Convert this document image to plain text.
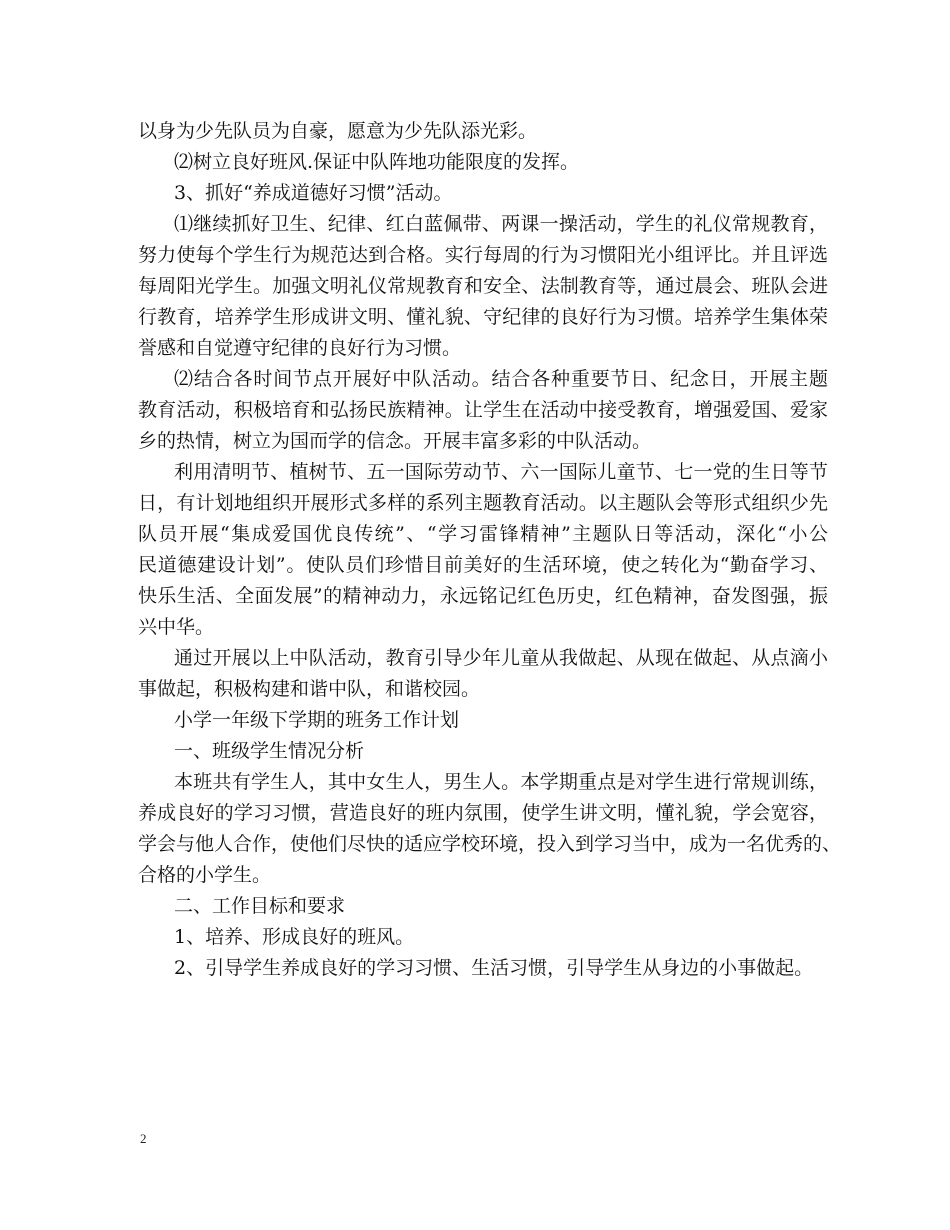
以身为少先队员为自豪，愿意为少先队添光彩。
⑵树立良好班风.保证中队阵地功能限度的发挥。
3、抓好“养成道德好习惯”活动。
⑴继续抓好卫生、纪律、红白蓝佩带、两课一操活动，学生的礼仪常规教育，
努力使每个学生行为规范达到合格。实行每周的行为习惯阳光小组评比。并且评选
每周阳光学生。加强文明礼仪常规教育和安全、法制教育等，通过晨会、班队会进
行教育，培养学生形成讲文明、懂礼貌、守纪律的良好行为习惯。培养学生集体荣
誉感和自觉遵守纪律的良好行为习惯。
⑵结合各时间节点开展好中队活动。结合各种重要节日、纪念日，开展主题
教育活动，积极培育和弘扬民族精神。让学生在活动中接受教育，增强爱国、爱家
乡的热情，树立为国而学的信念。开展丰富多彩的中队活动。
利用清明节、植树节、五一国际劳动节、六一国际儿童节、七一党的生日等节
日，有计划地组织开展形式多样的系列主题教育活动。以主题队会等形式组织少先
队员开展“集成爱国优良传统”、“学习雷锋精神”主题队日等活动，深化“小公
民道德建设计划”。使队员们珍惜目前美好的生活环境，使之转化为“勤奋学习、
快乐生活、全面发展”的精神动力，永远铭记红色历史，红色精神，奋发图强，振
兴中华。
通过开展以上中队活动，教育引导少年儿童从我做起、从现在做起、从点滴小
事做起，积极构建和谐中队，和谐校园。
小学一年级下学期的班务工作计划
一、班级学生情况分析
本班共有学生人，其中女生人，男生人。本学期重点是对学生进行常规训练，
养成良好的学习习惯，营造良好的班内氛围，使学生讲文明，懂礼貌，学会宽容，
学会与他人合作，使他们尽快的适应学校环境，投入到学习当中，成为一名优秀的、
合格的小学生。
二、工作目标和要求
1、培养、形成良好的班风。
2、引导学生养成良好的学习习惯、生活习惯，引导学生从身边的小事做起。
2
